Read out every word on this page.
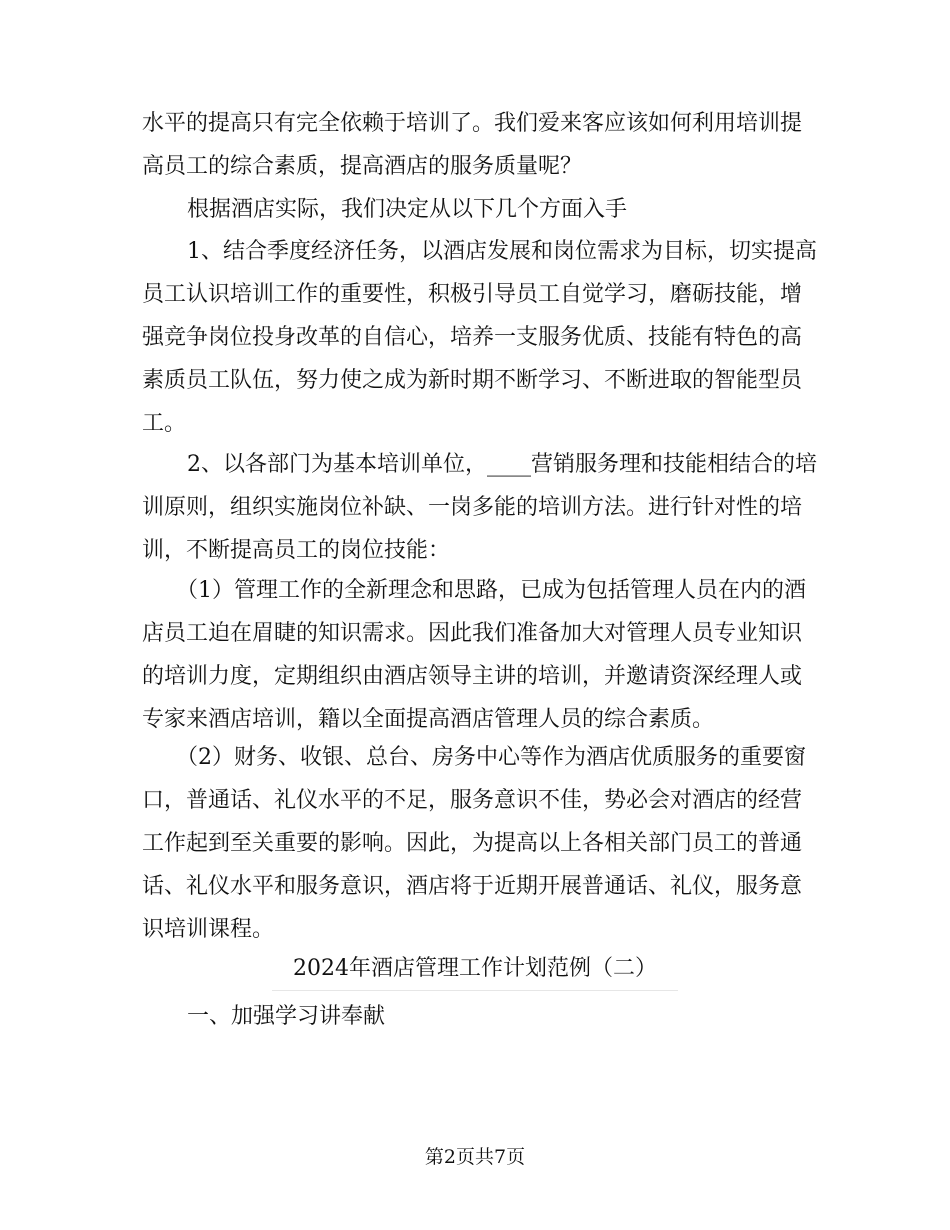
水平的提高只有完全依赖于培训了。我们爱来客应该如何利用培训提
高员工的综合素质，提高酒店的服务质量呢？
根据酒店实际，我们决定从以下几个方面入手
1、结合季度经济任务，以酒店发展和岗位需求为目标，切实提高
员工认识培训工作的重要性，积极引导员工自觉学习，磨砺技能，增
强竞争岗位投身改革的自信心，培养一支服务优质、技能有特色的高
素质员工队伍，努力使之成为新时期不断学习、不断进取的智能型员
工。
2、以各部门为基本培训单位，____营销服务理和技能相结合的培
训原则，组织实施岗位补缺、一岗多能的培训方法。进行针对性的培
训，不断提高员工的岗位技能：
（1）管理工作的全新理念和思路，已成为包括管理人员在内的酒
店员工迫在眉睫的知识需求。因此我们准备加大对管理人员专业知识
的培训力度，定期组织由酒店领导主讲的培训，并邀请资深经理人或
专家来酒店培训，籍以全面提高酒店管理人员的综合素质。
（2）财务、收银、总台、房务中心等作为酒店优质服务的重要窗
口，普通话、礼仪水平的不足，服务意识不佳，势必会对酒店的经营
工作起到至关重要的影响。因此，为提高以上各相关部门员工的普通
话、礼仪水平和服务意识，酒店将于近期开展普通话、礼仪，服务意
识培训课程。
2024年酒店管理工作计划范例（二）
一、加强学习讲奉献
第2页共7页
